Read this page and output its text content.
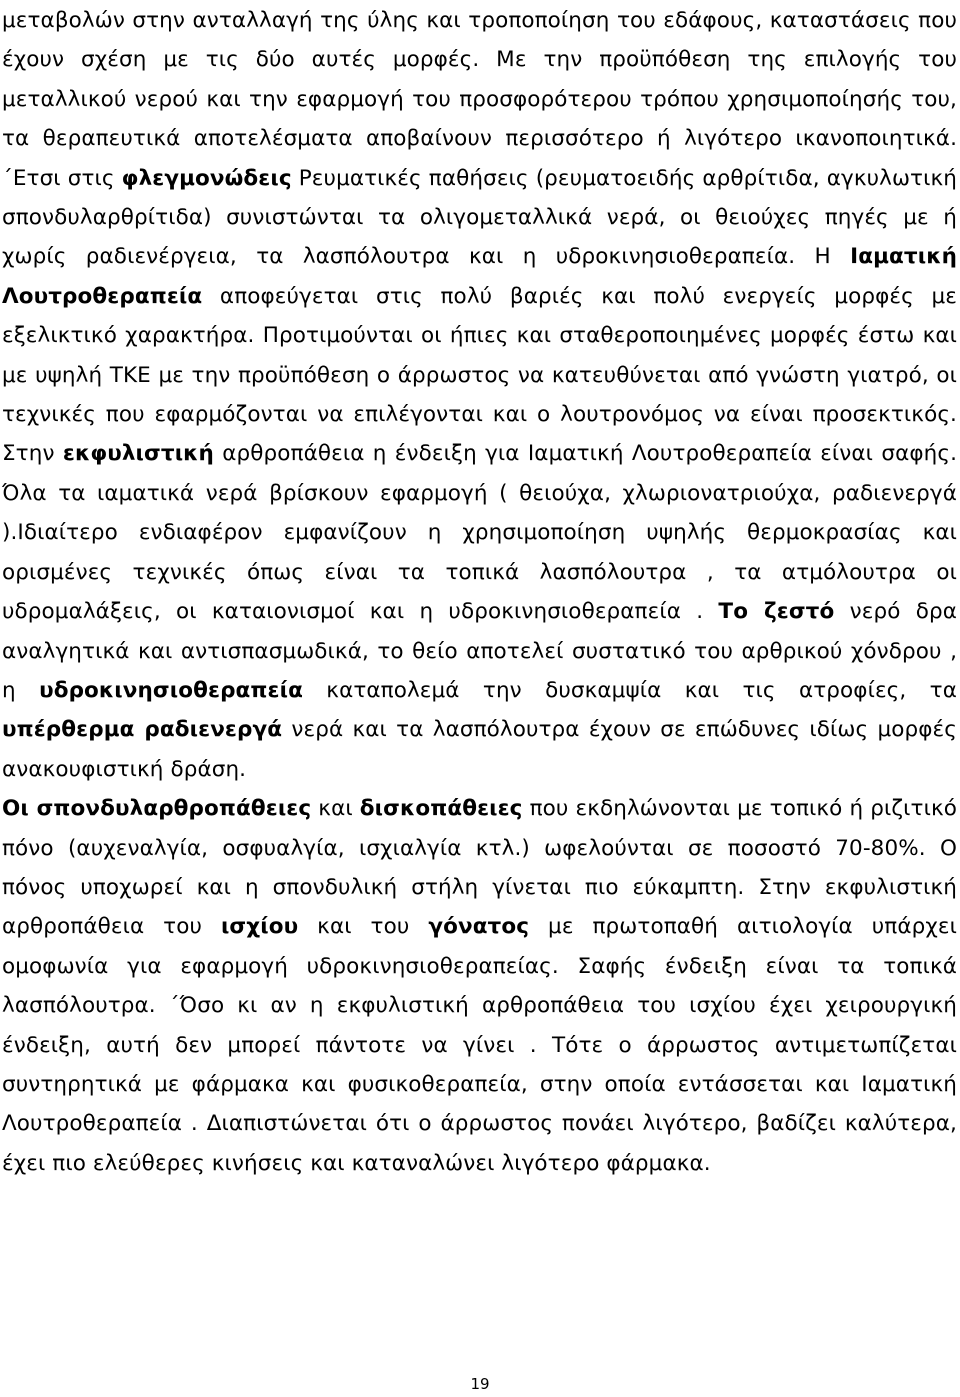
μεταβολών στην ανταλλαγή της ύλης και τροποποίηση του εδάφους, καταστάσεις που έχουν σχέση με τις δύο αυτές μορφές. Με την προϋπόθεση της επιλογής του μεταλλικού νερού και την εφαρμογή του προσφορότερου τρόπου χρησιμοποίησής του, τα θεραπευτικά αποτελέσματα αποβαίνουν περισσότερο ή λιγότερο ικανοποιητικά. ΄Ετσι στις φλεγμονώδεις Ρευματικές παθήσεις (ρευματοειδής αρθρίτιδα, αγκυλωτική σπονδυλαρθρίτιδα) συνιστώνται τα ολιγομεταλλικά νερά, οι θειούχες πηγές με ή χωρίς ραδιενέργεια, τα λασπόλουτρα και η υδροκινησιοθεραπεία. Η Ιαματική Λουτροθεραπεία αποφεύγεται στις πολύ βαριές και πολύ ενεργείς μορφές με εξελικτικό χαρακτήρα. Προτιμούνται οι ήπιες και σταθεροποιημένες μορφές έστω και με υψηλή ΤΚΕ με την προϋπόθεση ο άρρωστος να κατευθύνεται από γνώστη γιατρό, οι τεχνικές που εφαρμόζονται να επιλέγονται και ο λουτρονόμος να είναι προσεκτικός. Στην εκφυλιστική αρθροπάθεια η ένδειξη για Ιαματική Λουτροθεραπεία είναι σαφής. Όλα τα ιαματικά νερά βρίσκουν εφαρμογή ( θειούχα, χλωριονατριούχα, ραδιενεργά ).Ιδιαίτερο ενδιαφέρον εμφανίζουν η χρησιμοποίηση υψηλής θερμοκρασίας και ορισμένες τεχνικές όπως είναι τα τοπικά λασπόλουτρα , τα ατμόλουτρα οι υδρομαλάξεις, οι καταιονισμοί και η υδροκινησιοθεραπεία . Το ζεστό νερό δρα αναλγητικά και αντισπασμωδικά, το θείο αποτελεί συστατικό του αρθρικού χόνδρου , η υδροκινησιοθεραπεία καταπολεμά την δυσκαμψία και τις ατροφίες, τα υπέρθερμα ραδιενεργά νερά και τα λασπόλουτρα έχουν σε επώδυνες ιδίως μορφές ανακουφιστική δράση.

Οι σπονδυλαρθροπάθειες και δισκοπάθειες που εκδηλώνονται με τοπικό ή ριζιτικό πόνο (αυχεναλγία, οσφυαλγία, ισχιαλγία κτλ.) ωφελούνται σε ποσοστό 70-80%. Ο πόνος υποχωρεί και η σπονδυλική στήλη γίνεται πιο εύκαμπτη. Στην εκφυλιστική αρθροπάθεια του ισχίου και του γόνατος με πρωτοπαθή αιτιολογία υπάρχει ομοφωνία για εφαρμογή υδροκινησιοθεραπείας. Σαφής ένδειξη είναι τα τοπικά λασπόλουτρα. ΄Όσο κι αν η εκφυλιστική αρθροπάθεια του ισχίου έχει χειρουργική ένδειξη, αυτή δεν μπορεί πάντοτε να γίνει . Τότε ο άρρωστος αντιμετωπίζεται συντηρητικά με φάρμακα και φυσικοθεραπεία, στην οποία εντάσσεται και Ιαματική Λουτροθεραπεία . Διαπιστώνεται ότι ο άρρωστος πονάει λιγότερο, βαδίζει καλύτερα, έχει πιο ελεύθερες κινήσεις και καταναλώνει λιγότερο φάρμακα.

19
